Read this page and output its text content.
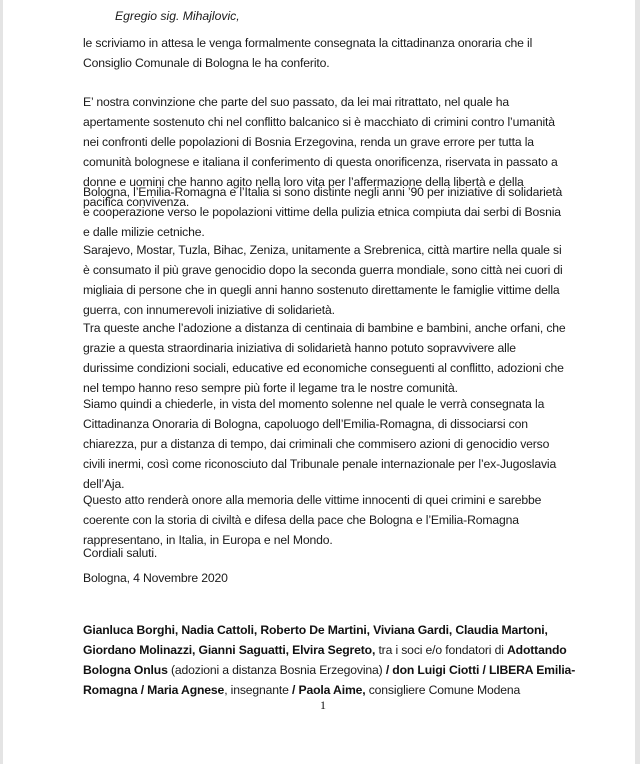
Egregio sig. Mihajlovic,

le scriviamo in attesa le venga formalmente consegnata la cittadinanza onoraria che il
Consiglio Comunale di Bologna le ha conferito.

E’ nostra convinzione che parte del suo passato, da lei mai ritrattato, nel quale ha
apertamente sostenuto chi nel conflitto balcanico si è macchiato di crimini contro l’umanità
nei confronti delle popolazioni di Bosnia Erzegovina, renda un grave errore per tutta la
comunità bolognese e italiana il conferimento di questa onorificenza, riservata in passato a
donne e uomini che hanno agito nella loro vita per l’affermazione della libertà e della
pacifica convivenza.

Bologna, l’Emilia-Romagna e l’Italia si sono distinte negli anni ’90 per iniziative di solidarietà
e cooperazione verso le popolazioni vittime della pulizia etnica compiuta dai serbi di Bosnia
e dalle milizie cetniche.

Sarajevo, Mostar, Tuzla, Bihac, Zeniza, unitamente a Srebrenica, città martire nella quale si
è consumato il più grave genocidio dopo la seconda guerra mondiale, sono città nei cuori di
migliaia di persone che in quegli anni hanno sostenuto direttamente le famiglie vittime della
guerra, con innumerevoli iniziative di solidarietà.

Tra queste anche l’adozione a distanza di centinaia di bambine e bambini, anche orfani, che
grazie a questa straordinaria iniziativa di solidarietà hanno potuto sopravvivere alle
durissime condizioni sociali, educative ed economiche conseguenti al conflitto, adozioni che
nel tempo hanno reso sempre più forte il legame tra le nostre comunità.

Siamo quindi a chiederle, in vista del momento solenne nel quale le verrà consegnata la
Cittadinanza Onoraria di Bologna, capoluogo dell’Emilia-Romagna, di dissociarsi con
chiarezza, pur a distanza di tempo, dai criminali che commisero azioni di genocidio verso
civili inermi, così come riconosciuto dal Tribunale penale internazionale per l’ex-Jugoslavia
dell’Aja.

Questo atto renderà onore alla memoria delle vittime innocenti di quei crimini e sarebbe
coerente con la storia di civiltà e difesa della pace che Bologna e l’Emilia-Romagna
rappresentano, in Italia, in Europa e nel Mondo.

Cordiali saluti.

Bologna, 4 Novembre 2020

Gianluca Borghi, Nadia Cattoli, Roberto De Martini, Viviana Gardi, Claudia Martoni,
Giordano Molinazzi, Gianni Saguatti, Elvira Segreto, tra i soci e/o fondatori di Adottando
Bologna Onlus (adozioni a distanza Bosnia Erzegovina) / don Luigi Ciotti / LIBERA Emilia-
Romagna / Maria Agnese, insegnante / Paola Aime, consigliere Comune Modena

1
